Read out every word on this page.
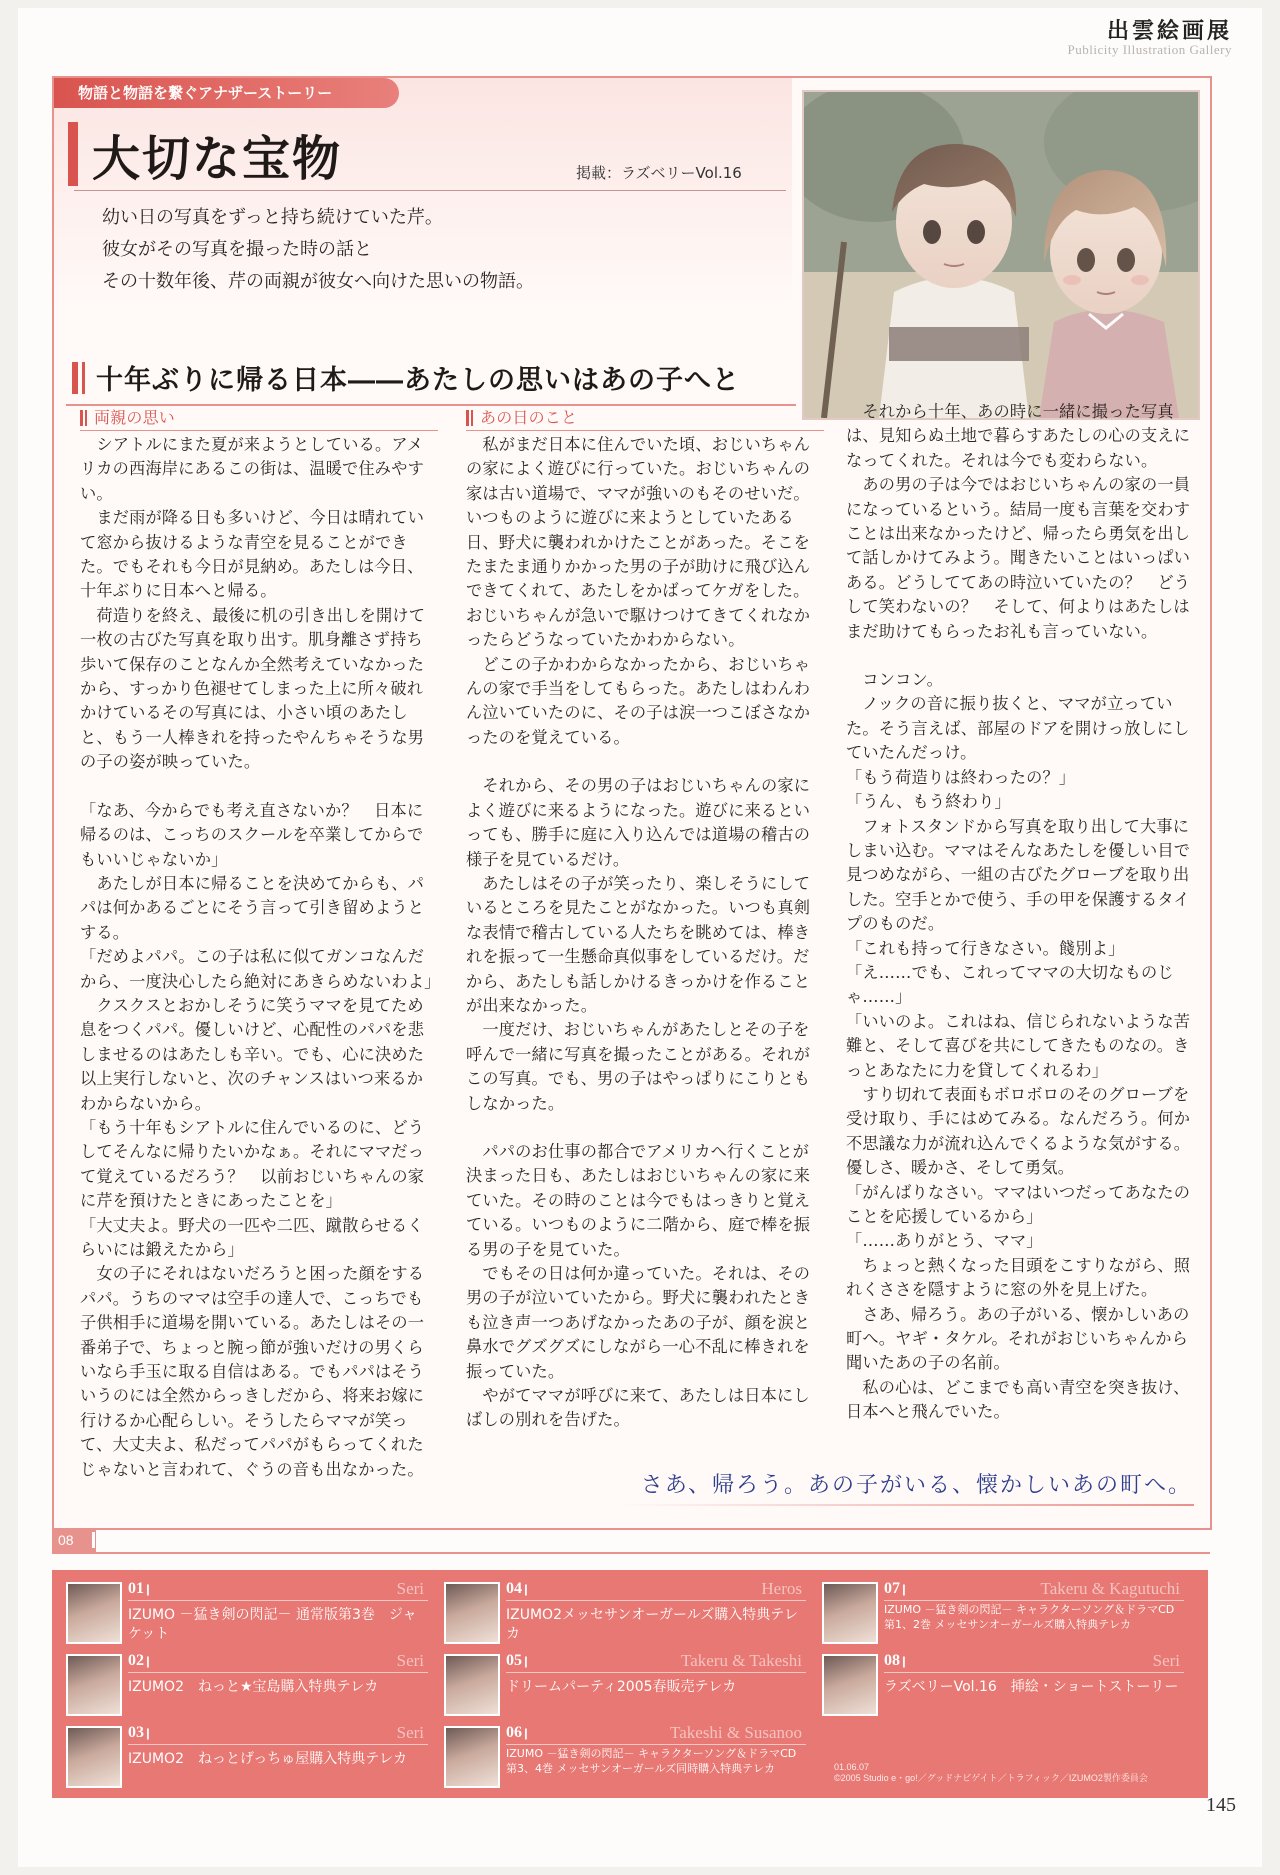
出雲絵画展
Publicity Illustration Gallery
物語と物語を繋ぐアナザーストーリー
大切な宝物	掲載：ラズベリーVol.16

幼い日の写真をずっと持ち続けていた芹。

彼女がその写真を撮った時の話と

その十数年後、芹の両親が彼女へ向けた思いの物語。

十年ぶりに帰る日本――あたしの思いはあの子へと
両親の思い

　シアトルにまた夏が来ようとしている。アメリカの西海岸にあるこの街は、温暖で住みやすい。

　まだ雨が降る日も多いけど、今日は晴れていて窓から抜けるような青空を見ることができた。でもそれも今日が見納め。あたしは今日、十年ぶりに日本へと帰る。

　荷造りを終え、最後に机の引き出しを開けて一枚の古びた写真を取り出す。肌身離さず持ち歩いて保存のことなんか全然考えていなかったから、すっかり色褪せてしまった上に所々破れかけているその写真には、小さい頃のあたしと、もう一人棒きれを持ったやんちゃそうな男の子の姿が映っていた。

「なあ、今からでも考え直さないか？　日本に帰るのは、こっちのスクールを卒業してからでもいいじゃないか」

　あたしが日本に帰ることを決めてからも、パパは何かあるごとにそう言って引き留めようとする。

「だめよパパ。この子は私に似てガンコなんだから、一度決心したら絶対にあきらめないわよ」

　クスクスとおかしそうに笑うママを見てため息をつくパパ。優しいけど、心配性のパパを悲しませるのはあたしも辛い。でも、心に決めた以上実行しないと、次のチャンスはいつ来るかわからないから。

「もう十年もシアトルに住んでいるのに、どうしてそんなに帰りたいかなぁ。それにママだって覚えているだろう？　以前おじいちゃんの家に芹を預けたときにあったことを」

「大丈夫よ。野犬の一匹や二匹、蹴散らせるくらいには鍛えたから」

　女の子にそれはないだろうと困った顔をするパパ。うちのママは空手の達人で、こっちでも子供相手に道場を開いている。あたしはその一番弟子で、ちょっと腕っ節が強いだけの男くらいなら手玉に取る自信はある。でもパパはそういうのには全然からっきしだから、将来お嫁に行けるか心配らしい。そうしたらママが笑って、大丈夫よ、私だってパパがもらってくれたじゃないと言われて、ぐうの音も出なかった。

あの日のこと

　私がまだ日本に住んでいた頃、おじいちゃんの家によく遊びに行っていた。おじいちゃんの家は古い道場で、ママが強いのもそのせいだ。いつものように遊びに来ようとしていたある日、野犬に襲われかけたことがあった。そこをたまたま通りかかった男の子が助けに飛び込んできてくれて、あたしをかばってケガをした。おじいちゃんが急いで駆けつけてきてくれなかったらどうなっていたかわからない。

　どこの子かわからなかったから、おじいちゃんの家で手当をしてもらった。あたしはわんわん泣いていたのに、その子は涙一つこぼさなかったのを覚えている。

　それから、その男の子はおじいちゃんの家によく遊びに来るようになった。遊びに来るといっても、勝手に庭に入り込んでは道場の稽古の様子を見ているだけ。

　あたしはその子が笑ったり、楽しそうにしているところを見たことがなかった。いつも真剣な表情で稽古している人たちを眺めては、棒きれを振って一生懸命真似事をしているだけ。だから、あたしも話しかけるきっかけを作ることが出来なかった。

　一度だけ、おじいちゃんがあたしとその子を呼んで一緒に写真を撮ったことがある。それがこの写真。でも、男の子はやっぱりにこりともしなかった。

　パパのお仕事の都合でアメリカへ行くことが決まった日も、あたしはおじいちゃんの家に来ていた。その時のことは今でもはっきりと覚えている。いつものように二階から、庭で棒を振る男の子を見ていた。

　でもその日は何か違っていた。それは、その男の子が泣いていたから。野犬に襲われたときも泣き声一つあげなかったあの子が、顔を涙と鼻水でグズグズにしながら一心不乱に棒きれを振っていた。

　やがてママが呼びに来て、あたしは日本にしばしの別れを告げた。

　それから十年、あの時に一緒に撮った写真は、見知らぬ土地で暮らすあたしの心の支えになってくれた。それは今でも変わらない。

　あの男の子は今ではおじいちゃんの家の一員になっているという。結局一度も言葉を交わすことは出来なかったけど、帰ったら勇気を出して話しかけてみよう。聞きたいことはいっぱいある。どうしててあの時泣いていたの？　どうして笑わないの？　そして、何よりはあたしはまだ助けてもらったお礼も言っていない。

　コンコン。

　ノックの音に振り抜くと、ママが立っていた。そう言えば、部屋のドアを開けっ放しにしていたんだっけ。

「もう荷造りは終わったの？」

「うん、もう終わり」

　フォトスタンドから写真を取り出して大事にしまい込む。ママはそんなあたしを優しい目で見つめながら、一組の古びたグローブを取り出した。空手とかで使う、手の甲を保護するタイプのものだ。

「これも持って行きなさい。餞別よ」

「え……でも、これってママの大切なものじゃ……」

「いいのよ。これはね、信じられないような苦難と、そして喜びを共にしてきたものなの。きっとあなたに力を貸してくれるわ」

　すり切れて表面もボロボロのそのグローブを受け取り、手にはめてみる。なんだろう。何か不思議な力が流れ込んでくるような気がする。優しさ、暖かさ、そして勇気。

「がんばりなさい。ママはいつだってあなたのことを応援しているから」

「……ありがとう、ママ」

　ちょっと熱くなった目頭をこすりながら、照れくささを隠すように窓の外を見上げた。

　さあ、帰ろう。あの子がいる、懐かしいあの町へ。ヤギ・タケル。それがおじいちゃんから聞いたあの子の名前。

　私の心は、どこまでも高い青空を突き抜け、日本へと飛んでいた。

さあ、帰ろう。あの子がいる、懐かしいあの町へ。
08
01 |||	Seri
IZUMO －猛き剣の閃記－ 通常版第3巻　ジャケット
02 |||	Seri
IZUMO2　ねっと★宝島購入特典テレカ
03 |||	Seri
IZUMO2　ねっとげっちゅ屋購入特典テレカ
04 |||	Heros
IZUMO2メッセサンオーガールズ購入特典テレカ
05 |||	Takeru & Takeshi
ドリームパーティ2005春販売テレカ
06 |||	Takeshi & Susanoo
IZUMO －猛き剣の閃記－ キャラクターソング＆ドラマCD第3、4巻 メッセサンオーガールズ同時購入特典テレカ
07 |||	Takeru & Kagutuchi
IZUMO －猛き剣の閃記－ キャラクターソング＆ドラマCD第1、2巻 メッセサンオーガールズ購入特典テレカ
08 |||	Seri
ラズベリーVol.16　挿絵・ショートストーリー
01.06.07
©2005 Studio e・go!／グッドナビゲイト／トラフィック／IZUMO2製作委員会
145
